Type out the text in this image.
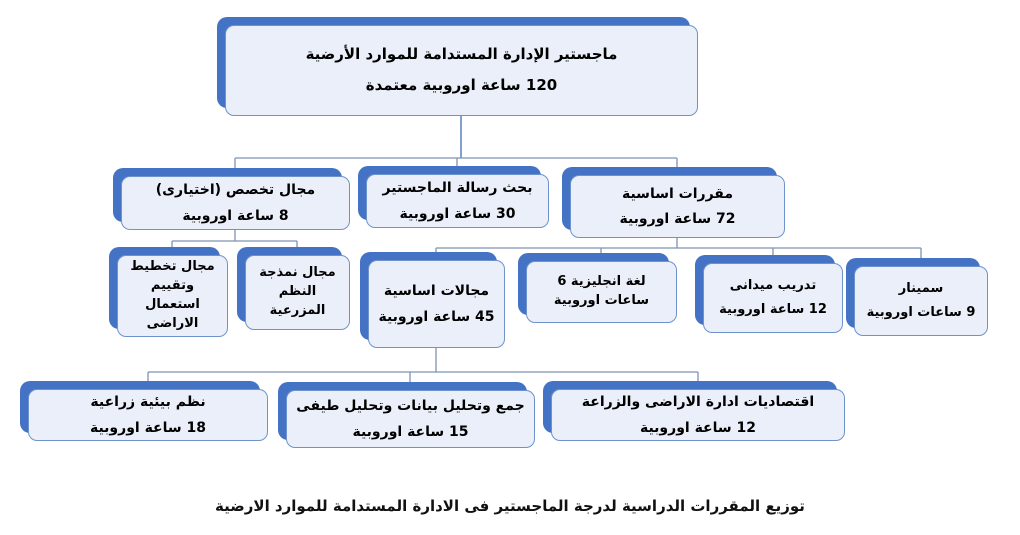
ماجستير الإدارة المستدامة للموارد الأرضية
120 ساعة اوروبية معتمدة
مجال تخصص (اختيارى)
8 ساعة اوروبية
بحث رسالة الماجستير
30 ساعة اوروبية
مقررات اساسية
72 ساعة اوروبية
مجال تخطيط وتقييم استعمال الاراضى
مجال نمذجة النظم المزرعية
مجالات اساسية
45 ساعة اوروبية
لغة انجليزية 6 ساعات اوروبية
تدريب ميدانى
12 ساعة اوروبية
سمينار
9 ساعات اوروبية
نظم بيئية زراعية
18 ساعة اوروبية
جمع وتحليل بيانات وتحليل طيفى
15 ساعة اوروبية
اقتصاديات ادارة الاراضى والزراعة
12 ساعة اوروبية
توزيع المقررات الدراسية لدرجة الماجستير فى الادارة المستدامة للموارد الارضية
